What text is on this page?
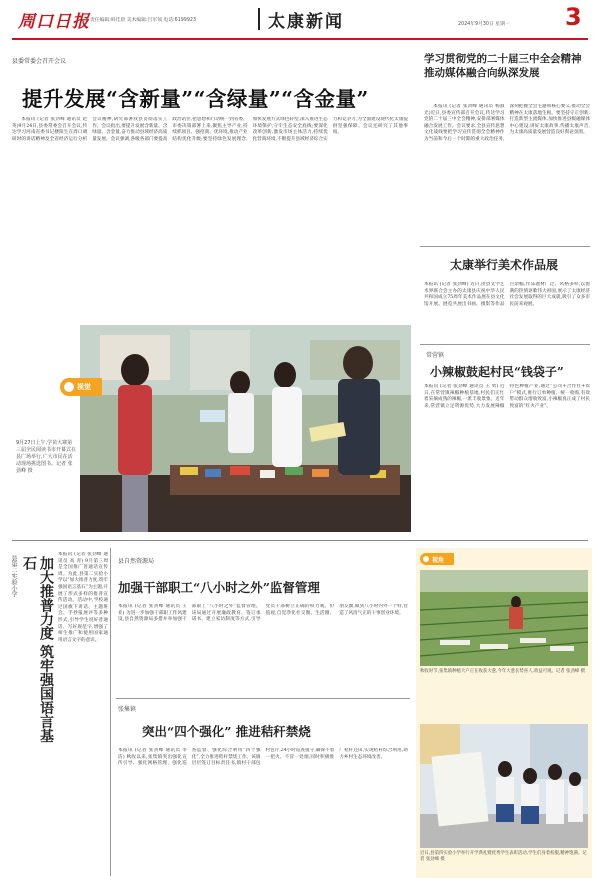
周口日报 责任编辑:韩佳晨 美术编辑:吕军领 电话:6199923	太康新闻	2024年9月30日 星期一 3
县委常委会召开会议
提升发展“含新量”“含绿量”“含金量”

本报讯 (记者 张劲峰 通讯员 赵 英)9月24日,县委常委会召开会议,传达学习河南省委书记楼阳生在周口调研时的讲话精神及全省经济运行分析会议精神,研究部署我县贯彻落实工作。会议指出,要提升发展含新量、含绿量、含金量,奋力推动县域经济高质量发展。会议强调,各级各部门要提高政治站位,把思想和行动统一到省委、市委决策部署上来,聚焦主导产业,持续抓项目、强招商、优环境,推动产业结构优化升级;要坚持绿色发展理念,加快发展方式绿色转型,深入推进生态环境保护,守牢生态安全底线;要深化改革创新,激发市场主体活力,持续优化营商环境,不断提升县域经济综合实力和竞争力,为全面建设现代化太康提供坚强保障。会议还研究了其他事项。

视觉
9月27日上午,学苗大寨第三届全民阅读书市开幕式在县广场举行,广大市民在活动现场挑选图书。记者 张劲峰 摄
学习贯彻党的二十届三中全会精神 推动媒体融合向纵深发展

本报讯 (记者 张劲峰 通讯员 杨淑光)近日,县委宣传部召开会议,传达学习党的二十届三中全会精神,安排部署媒体融合发展工作。会议要求,全县宣传思想文化战线要把学习宣传贯彻全会精神作为当前和今后一个时期的重大政治任务,深刻把握全会主题和核心要义,推动全会精神在太康落地生根。要坚持守正创新,打造新型主流媒体,加快推进县级融媒体中心建设,讲好太康故事,传播太康声音,为太康高质量发展营造良好舆论氛围。

太康举行美术作品展
本报讯 (记者 张劲峰) 近日,由县文学艺术界联合会主办的太康县庆祝中华人民共和国成立75周年美术作品展在县文化馆开展。展览共展出书画、摄影等作品百余幅,作品题材广泛、风格多样,以饱满的热情讴歌伟大祖国,展示了太康经济社会发展取得的巨大成就,吸引了众多市民前来观展。
常营镇
小辣椒鼓起村民“钱袋子”
本报讯 (记者 张劲峰 通讯员 王 勇) 近日,在常营镇辣椒种植基地,村民们正忙着采摘成熟的辣椒,一派丰收景象。近年来,常营镇立足资源优势,大力发展辣椒特色种植产业,通过“公司+合作社+农户”模式,推行订单种植、统一收购,有效带动群众增收致富,小辣椒真正成了村民致富的“红火产业”。
县第二实验小学	加大推普力度 筑牢强国语言基石
本报讯 (记者 张劲峰 通讯员 高 青) 9月第三周是全国推广普通话宣传周。为此,县第二实验小学以“加大推普力度,筑牢强国语言基石”为主题,开展了形式多样的推普宣传活动。活动中,学校通过国旗下讲话、主题班会、手抄报展评等多种形式,引导学生说好普通话、写好规范字,增强了师生推广和使用国家通用语言文字的意识。
县自然资源局
加强干部职工“八小时之外”监督管理
本报讯 (记者 张劲峰 通讯员 王 亚) 为进一步加强干部职工作风建设,县自然资源局多措并举加强干部职工“八小时之外”监督管理。该局通过开展廉政教育、签订承诺书、建立家访制度等方式,引导党员干部树立正确的权力观、价值观,自觉净化社交圈、生活圈、朋友圈,做到八小时内外一个样,营造了风清气正的干事创业环境。
张集镇
突出“四个强化” 推进秸秆禁烧
本报讯 (记者 张劲峰 通讯员 李 洁) 秋收以来,张集镇突出强化宣传引导、强化网格管理、强化巡查监督、强化综合利用“四个强化”,全力推进秸秆禁烧工作。该镇层层签订目标责任书,镇村干部包村包片,24小时巡查值守,确保不着一把火、不冒一处烟,同时积极推广秸秆还田,实现秸秆综合利用,助力乡村生态环境改善。
视角
秋收时节,张集镇种植大户正在收获大葱,今年大葱长势喜人,收益可观。记者 张劲峰 摄
近日,县第四实验小学举行开学典礼暨优秀学生表彰活动,学生们身着校服,精神饱满。记者 张劲峰 摄
